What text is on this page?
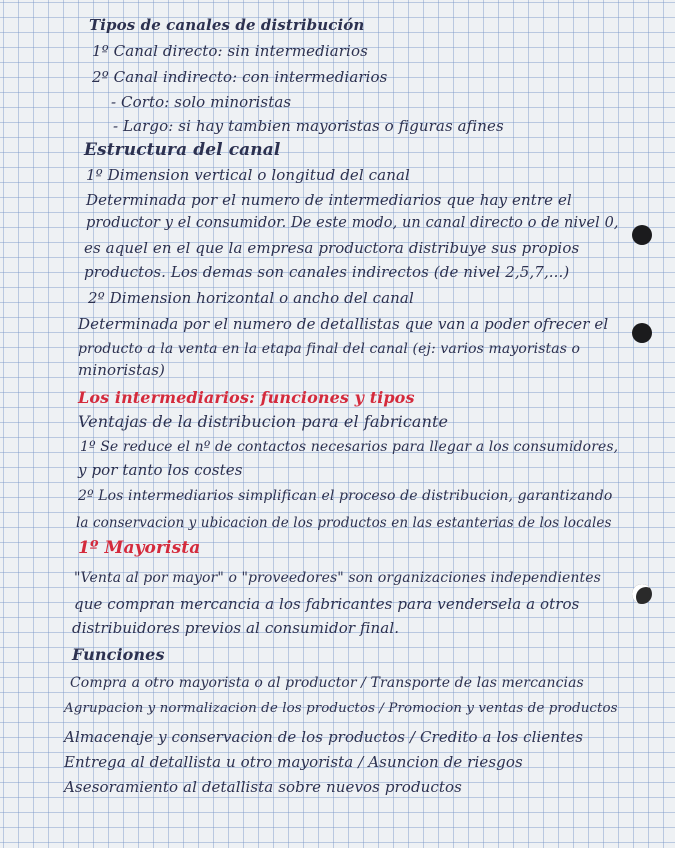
Tipos de canales de distribución
1º Canal directo: sin intermediarios
2º Canal indirecto: con intermediarios
- Corto: solo minoristas
- Largo: si hay tambien mayoristas o figuras afines
Estructura del canal
1º Dimension vertical o longitud del canal
Determinada por el numero de intermediarios que hay entre el
productor y el consumidor. De este modo, un canal directo o de nivel 0,
es aquel en el que la empresa productora distribuye sus propios
productos. Los demas son canales indirectos (de nivel 2,5,7,...)
2º Dimension horizontal o ancho del canal
Determinada por el numero de detallistas que van a poder ofrecer el
producto a la venta en la etapa final del canal (ej: varios mayoristas o
minoristas)
Los intermediarios: funciones y tipos
Ventajas de la distribucion para el fabricante
1º Se reduce el nº de contactos necesarios para llegar a los consumidores,
y por tanto los costes
2º Los intermediarios simplifican el proceso de distribucion, garantizando
la conservacion y ubicacion de los productos en las estanterias de los locales
1º Mayorista
"Venta al por mayor" o "proveedores" son organizaciones independientes
que compran mercancia a los fabricantes para vendersela a otros
distribuidores previos al consumidor final.
Funciones
Compra a otro mayorista o al productor / Transporte de las mercancias
Agrupacion y normalizacion de los productos / Promocion y ventas de productos
Almacenaje y conservacion de los productos / Credito a los clientes
Entrega al detallista u otro mayorista / Asuncion de riesgos
Asesoramiento al detallista sobre nuevos productos
